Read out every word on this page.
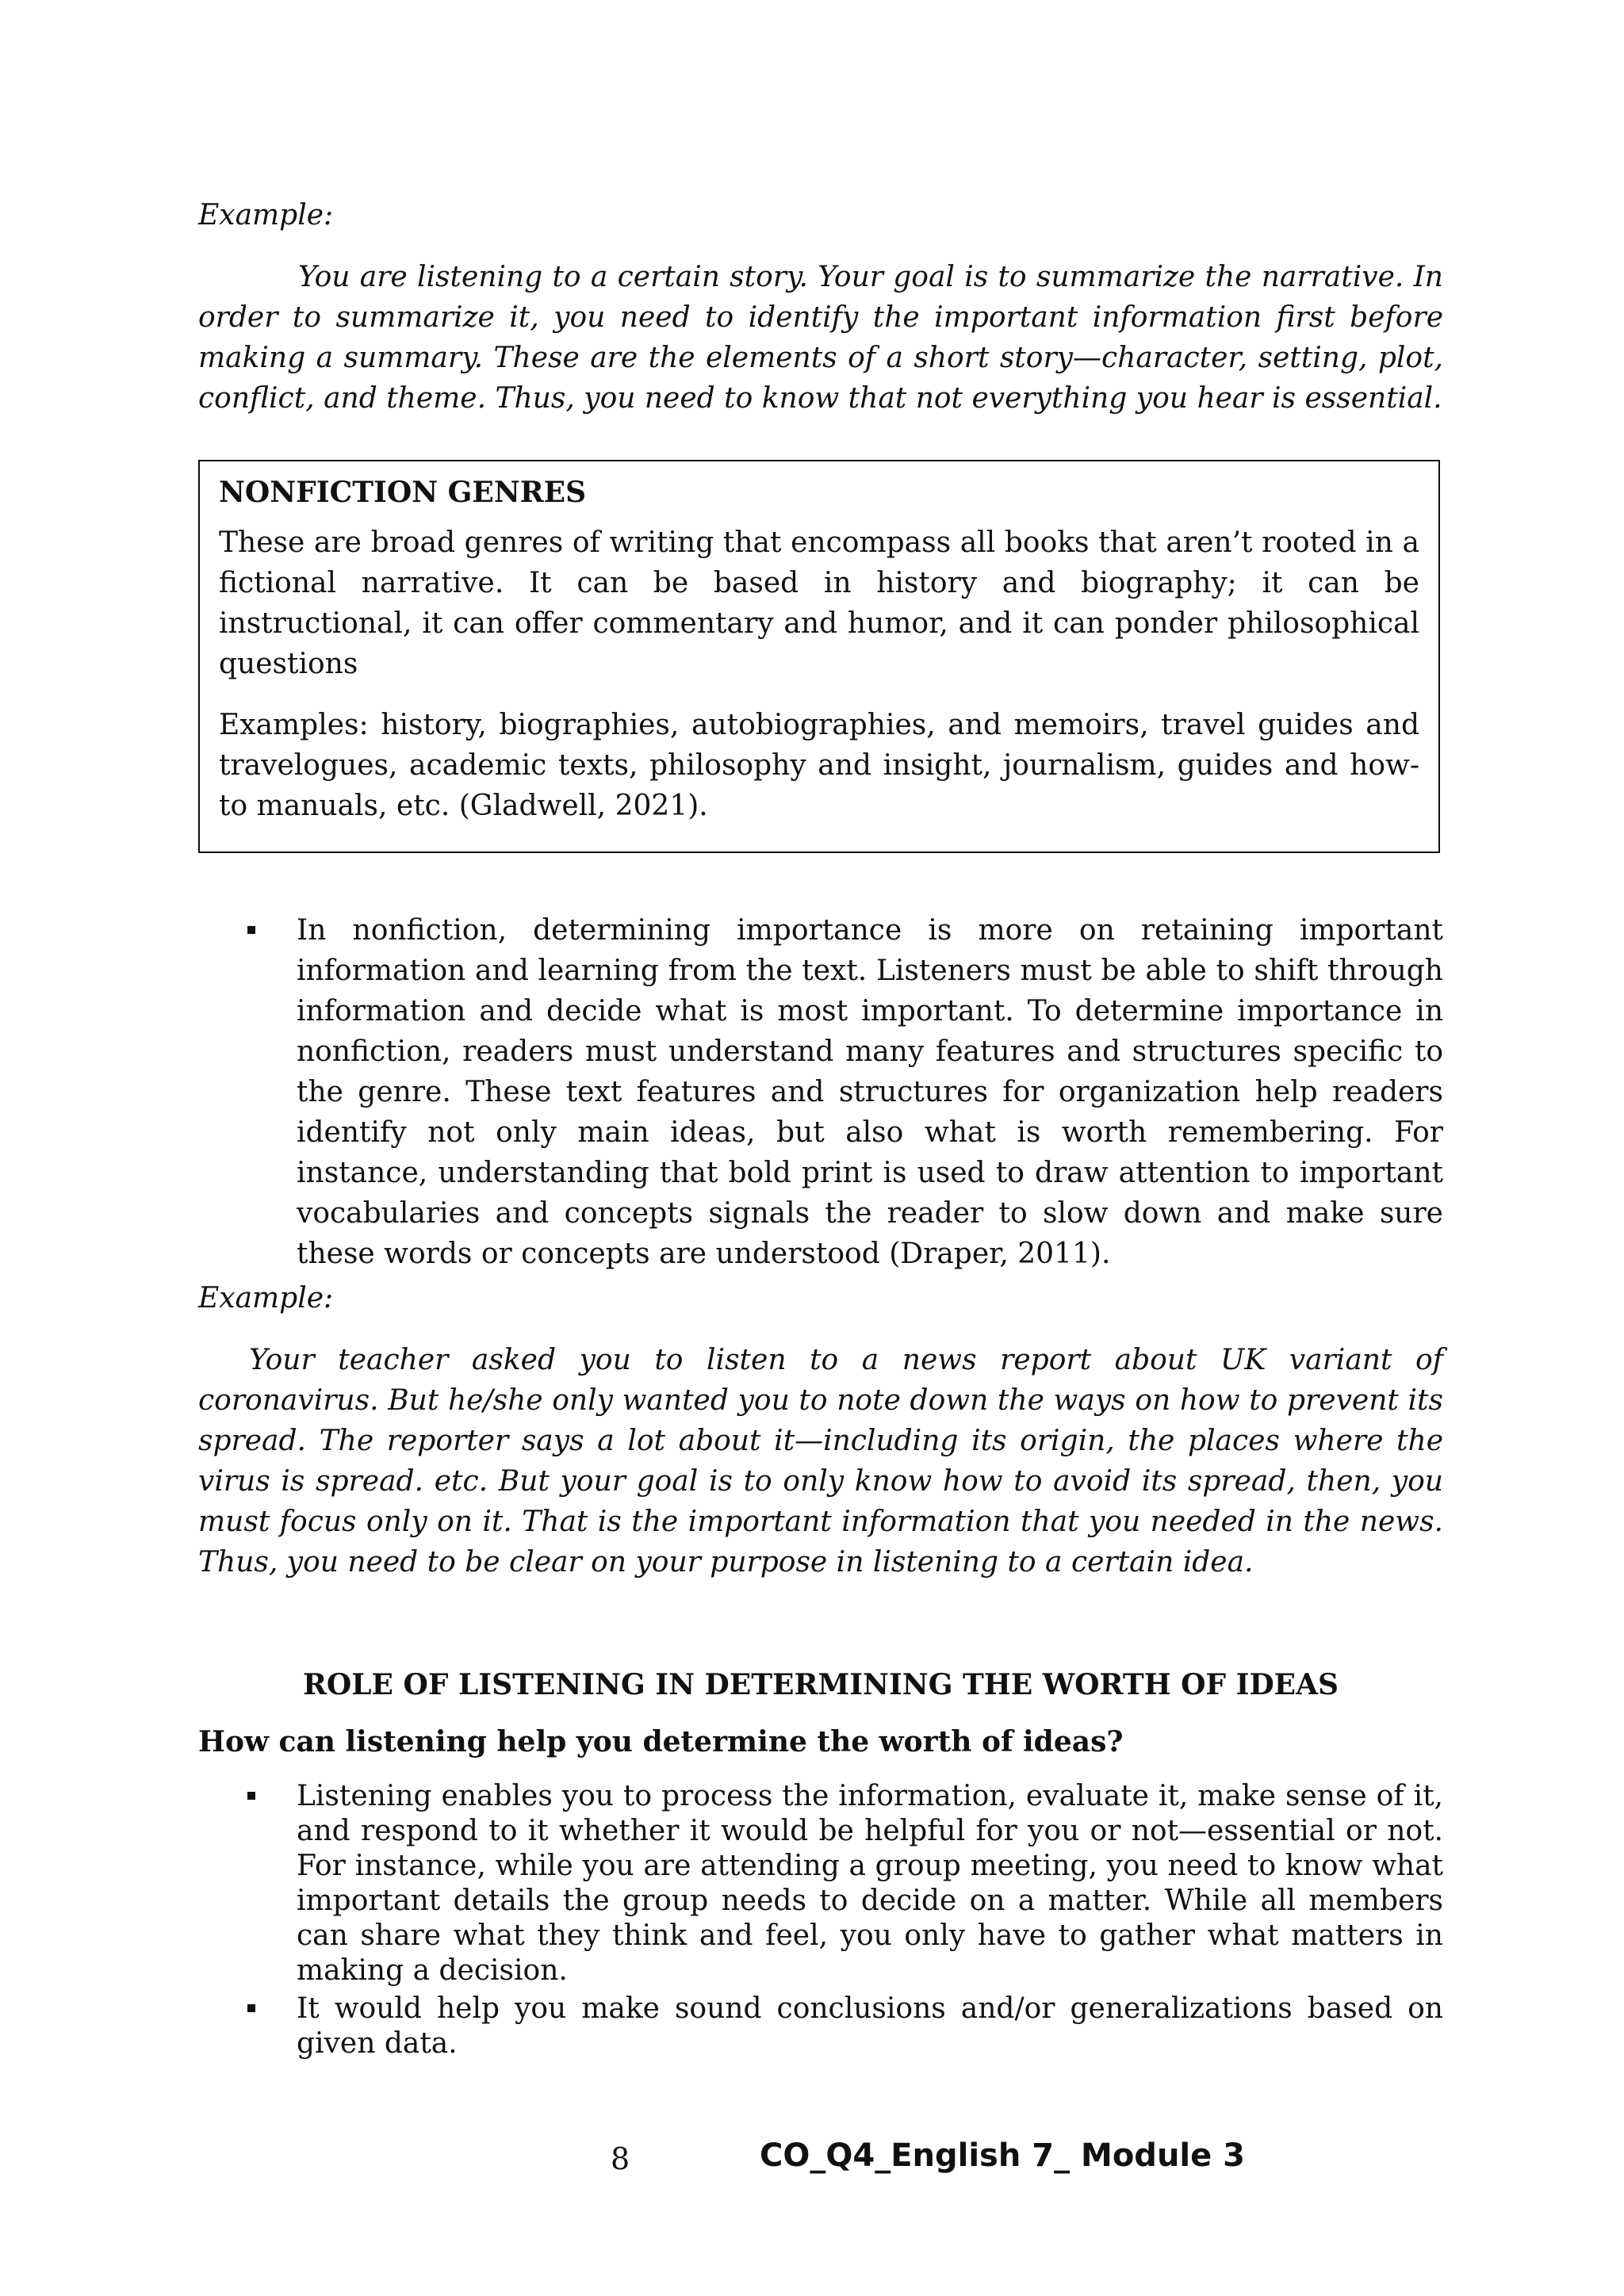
Example:

You are listening to a certain story. Your goal is to summarize the narrative. In order to summarize it, you need to identify the important information first before making a summary. These are the elements of a short story—character, setting, plot, conflict, and theme. Thus, you need to know that not everything you hear is essential.

NONFICTION GENRES

These are broad genres of writing that encompass all books that aren’t rooted in a fictional narrative. It can be based in history and biography; it can be instructional, it can offer commentary and humor, and it can ponder philosophical questions

Examples: history, biographies, autobiographies, and memoirs, travel guides and travelogues, academic texts, philosophy and insight, journalism, guides and how-to manuals, etc. (Gladwell, 2021).

In nonfiction, determining importance is more on retaining important information and learning from the text. Listeners must be able to shift through information and decide what is most important. To determine importance in nonfiction, readers must understand many features and structures specific to the genre. These text features and structures for organization help readers identify not only main ideas, but also what is worth remembering. For instance, understanding that bold print is used to draw attention to important vocabularies and concepts signals the reader to slow down and make sure these words or concepts are understood (Draper, 2011).

Example:

Your teacher asked you to listen to a news report about UK variant of coronavirus. But he/she only wanted you to note down the ways on how to prevent its spread. The reporter says a lot about it—including its origin, the places where the virus is spread. etc. But your goal is to only know how to avoid its spread, then, you must focus only on it. That is the important information that you needed in the news. Thus, you need to be clear on your purpose in listening to a certain idea.

ROLE OF LISTENING IN DETERMINING THE WORTH OF IDEAS

How can listening help you determine the worth of ideas?

Listening enables you to process the information, evaluate it, make sense of it, and respond to it whether it would be helpful for you or not—essential or not. For instance, while you are attending a group meeting, you need to know what important details the group needs to decide on a matter. While all members can share what they think and feel, you only have to gather what matters in making a decision.

It would help you make sound conclusions and/or generalizations based on given data.

8	CO_Q4_English 7_ Module 3
